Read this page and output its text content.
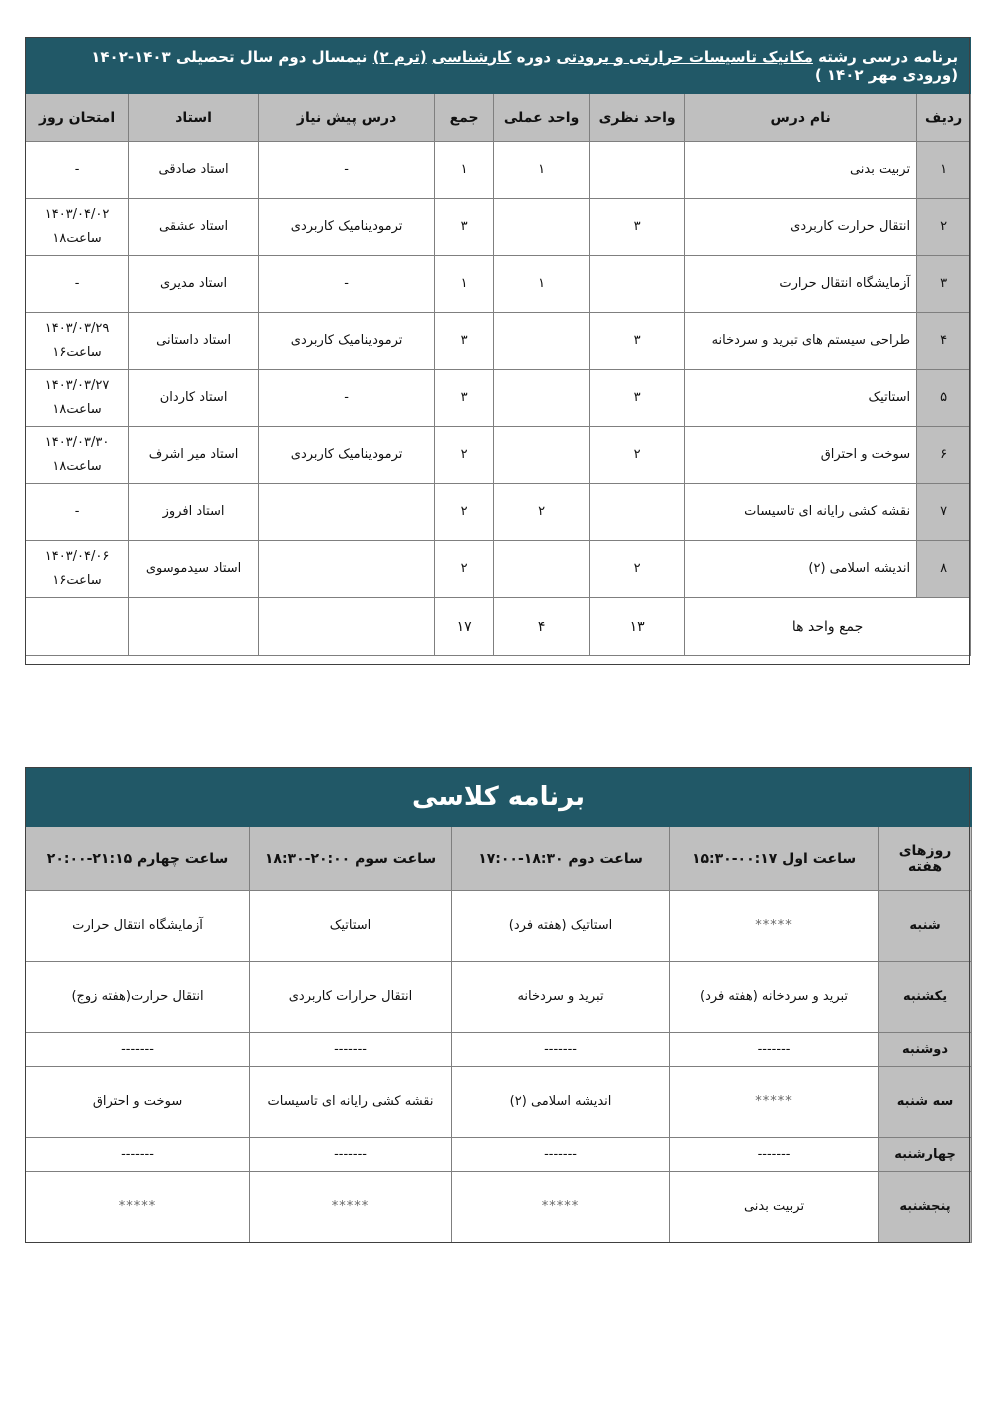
برنامه درسی رشته مکانیک تاسیسات حرارتی و برودتی دوره کارشناسی (ترم ۲) نیمسال دوم سال تحصیلی ۱۴۰۳-۱۴۰۲ (ورودی مهر ۱۴۰۲ )							
ردیف	نام درس	واحد نظری	واحد عملی	جمع	درس پیش نیاز	استاد	امتحان روز
۱	تربیت بدنی		۱	۱	-	استاد صادقی	-

۲	انتقال حرارت کاربردی	۳		۳	ترمودینامیک کاربردی	استاد عشقی	۱۴۰۳/۰۴/۰۲
ساعت۱۸

۳	آزمایشگاه انتقال حرارت		۱	۱	-	استاد مدیری	-

۴	طراحی سیستم های تبرید و سردخانه	۳		۳	ترمودینامیک کاربردی	استاد داستانی	۱۴۰۳/۰۳/۲۹
ساعت۱۶

۵	استاتیک	۳		۳	-	استاد کاردان	۱۴۰۳/۰۳/۲۷
ساعت۱۸

۶	سوخت و احتراق	۲		۲	ترمودینامیک کاربردی	استاد میر اشرف	۱۴۰۳/۰۳/۳۰
ساعت۱۸

۷	نقشه کشی رایانه ای تاسیسات		۲	۲		استاد افروز	-

۸	اندیشه اسلامی (۲)	۲		۲		استاد سیدموسوی	۱۴۰۳/۰۴/۰۶
ساعت۱۶

جمع واحد ها		۱۳	۴	۱۷			
برنامه کلاسی				
روزهای هفته	ساعت اول ۰۰:۱۷-۱۵:۳۰	ساعت دوم ۱۸:۳۰-۱۷:۰۰	ساعت سوم ۲۰:۰۰-۱۸:۳۰	ساعت چهارم ۲۱:۱۵-۲۰:۰۰
شنبه	*****	استاتیک (هفته فرد)	استاتیک	آزمایشگاه انتقال حرارت
یکشنبه	تبرید و سردخانه (هفته فرد)	تبرید و سردخانه	انتقال حرارات کاربردی	انتقال حرارت(هفته زوج)
دوشنبه	-------	-------	-------	-------
سه شنبه	*****	اندیشه اسلامی (۲)	نقشه کشی رایانه ای تاسیسات	سوخت و احتراق
چهارشنبه	-------	-------	-------	-------
پنجشنبه	تربیت بدنی	*****	*****	*****
